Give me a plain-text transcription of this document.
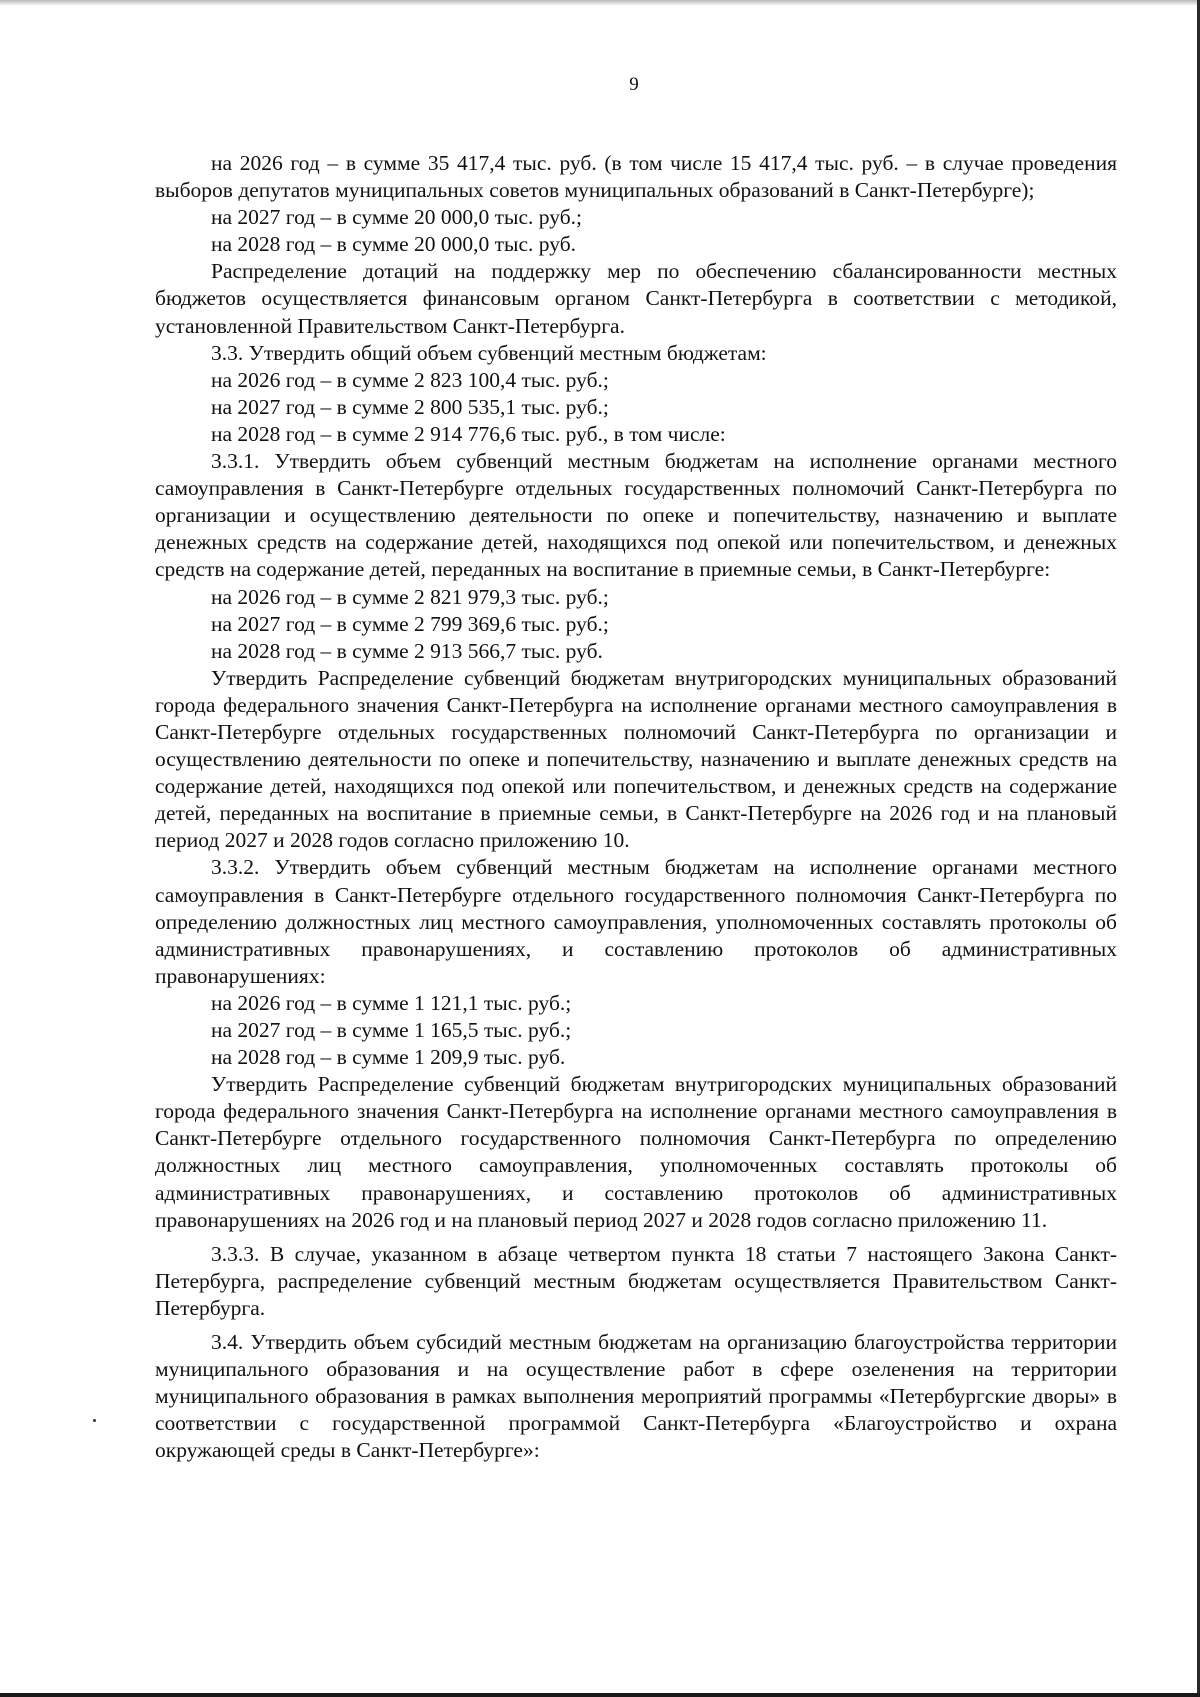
9

на 2026 год – в сумме 35 417,4 тыс. руб. (в том числе 15 417,4 тыс. руб. – в случае проведения выборов депутатов муниципальных советов муниципальных образований в Санкт-Петербурге);

на 2027 год – в сумме 20 000,0 тыс. руб.;

на 2028 год – в сумме 20 000,0 тыс. руб.

Распределение дотаций на поддержку мер по обеспечению сбалансированности местных бюджетов осуществляется финансовым органом Санкт-Петербурга в соответствии с методикой, установленной Правительством Санкт-Петербурга.

3.3. Утвердить общий объем субвенций местным бюджетам:

на 2026 год – в сумме 2 823 100,4 тыс. руб.;

на 2027 год – в сумме 2 800 535,1 тыс. руб.;

на 2028 год – в сумме 2 914 776,6 тыс. руб., в том числе:

3.3.1. Утвердить объем субвенций местным бюджетам на исполнение органами местного самоуправления в Санкт-Петербурге отдельных государственных полномочий Санкт-Петербурга по организации и осуществлению деятельности по опеке и попечительству, назначению и выплате денежных средств на содержание детей, находящихся под опекой или попечительством, и денежных средств на содержание детей, переданных на воспитание в приемные семьи, в Санкт-Петербурге:

на 2026 год – в сумме 2 821 979,3 тыс. руб.;

на 2027 год – в сумме 2 799 369,6 тыс. руб.;

на 2028 год – в сумме 2 913 566,7 тыс. руб.

Утвердить Распределение субвенций бюджетам внутригородских муниципальных образований города федерального значения Санкт-Петербурга на исполнение органами местного самоуправления в Санкт-Петербурге отдельных государственных полномочий Санкт-Петербурга по организации и осуществлению деятельности по опеке и попечительству, назначению и выплате денежных средств на содержание детей, находящихся под опекой или попечительством, и денежных средств на содержание детей, переданных на воспитание в приемные семьи, в Санкт-Петербурге на 2026 год и на плановый период 2027 и 2028 годов согласно приложению 10.

3.3.2. Утвердить объем субвенций местным бюджетам на исполнение органами местного самоуправления в Санкт-Петербурге отдельного государственного полномочия Санкт-Петербурга по определению должностных лиц местного самоуправления, уполномоченных составлять протоколы об административных правонарушениях, и составлению протоколов об административных правонарушениях:

на 2026 год – в сумме 1 121,1 тыс. руб.;

на 2027 год – в сумме 1 165,5 тыс. руб.;

на 2028 год – в сумме 1 209,9 тыс. руб.

Утвердить Распределение субвенций бюджетам внутригородских муниципальных образований города федерального значения Санкт-Петербурга на исполнение органами местного самоуправления в Санкт-Петербурге отдельного государственного полномочия Санкт-Петербурга по определению должностных лиц местного самоуправления, уполномоченных составлять протоколы об административных правонарушениях, и составлению протоколов об административных правонарушениях на 2026 год и на плановый период 2027 и 2028 годов согласно приложению 11.

3.3.3. В случае, указанном в абзаце четвертом пункта 18 статьи 7 настоящего Закона Санкт-Петербурга, распределение субвенций местным бюджетам осуществляется Правительством Санкт-Петербурга.

3.4. Утвердить объем субсидий местным бюджетам на организацию благоустройства территории муниципального образования и на осуществление работ в сфере озеленения на территории муниципального образования в рамках выполнения мероприятий программы «Петербургские дворы» в соответствии с государственной программой Санкт-Петербурга «Благоустройство и охрана окружающей среды в Санкт-Петербурге»:
